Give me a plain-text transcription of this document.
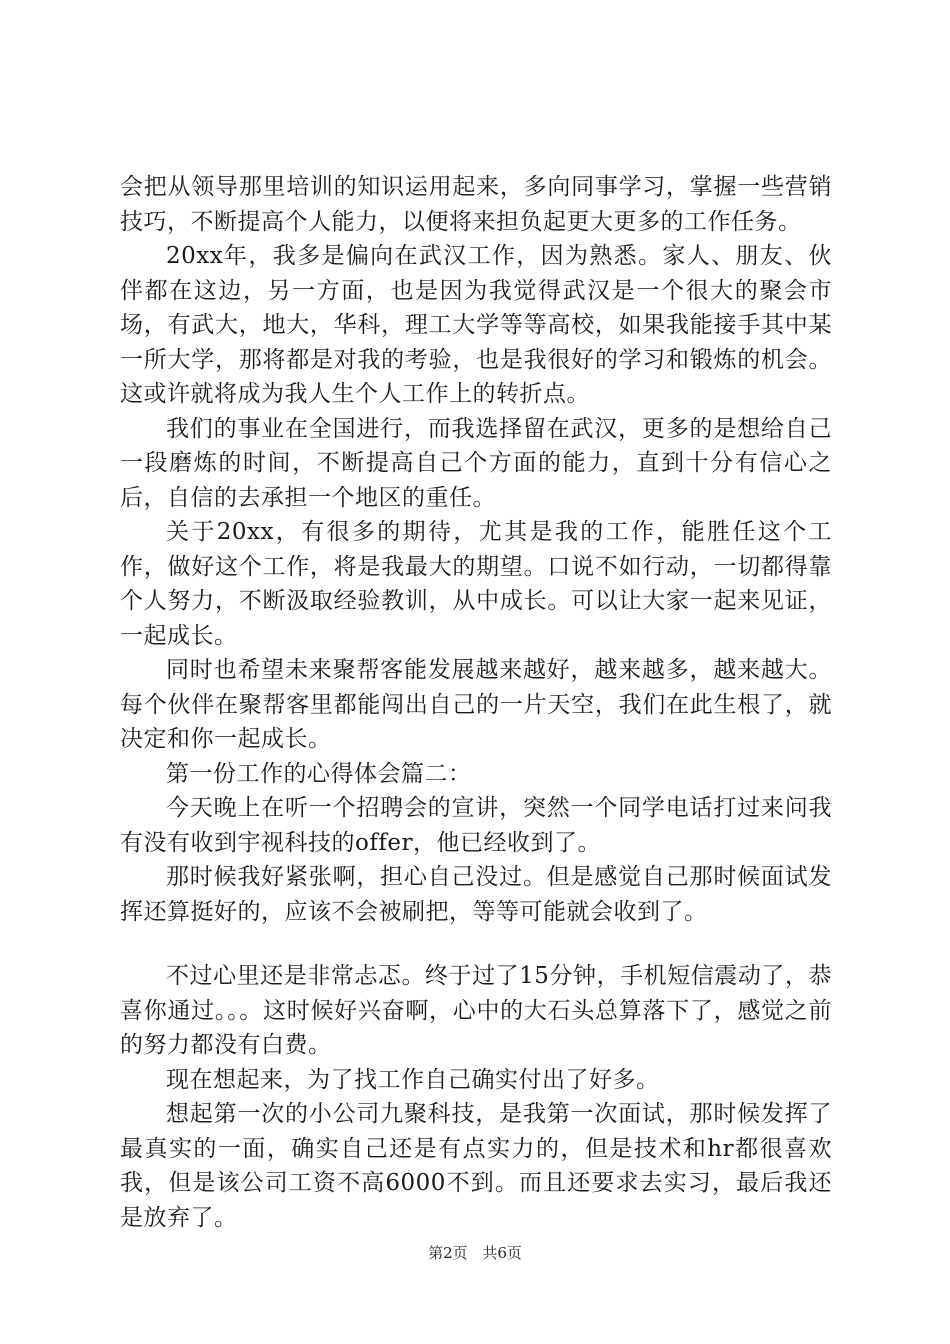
会把从领导那里培训的知识运用起来，多向同事学习，掌握一些营销技巧，不断提高个人能力，以便将来担负起更大更多的工作任务。

20xx年，我多是偏向在武汉工作，因为熟悉。家人、朋友、伙伴都在这边，另一方面，也是因为我觉得武汉是一个很大的聚会市场，有武大，地大，华科，理工大学等等高校，如果我能接手其中某一所大学，那将都是对我的考验，也是我很好的学习和锻炼的机会。这或许就将成为我人生个人工作上的转折点。

我们的事业在全国进行，而我选择留在武汉，更多的是想给自己一段磨炼的时间，不断提高自己个方面的能力，直到十分有信心之后，自信的去承担一个地区的重任。

关于20xx，有很多的期待，尤其是我的工作，能胜任这个工作，做好这个工作，将是我最大的期望。口说不如行动，一切都得靠个人努力，不断汲取经验教训，从中成长。可以让大家一起来见证，一起成长。

同时也希望未来聚帮客能发展越来越好，越来越多，越来越大。每个伙伴在聚帮客里都能闯出自己的一片天空，我们在此生根了，就决定和你一起成长。

第一份工作的心得体会篇二：

今天晚上在听一个招聘会的宣讲，突然一个同学电话打过来问我有没有收到宇视科技的offer，他已经收到了。

那时候我好紧张啊，担心自己没过。但是感觉自己那时候面试发挥还算挺好的，应该不会被刷把，等等可能就会收到了。

不过心里还是非常忐忑。终于过了15分钟，手机短信震动了，恭喜你通过。。。这时候好兴奋啊，心中的大石头总算落下了，感觉之前的努力都没有白费。

现在想起来，为了找工作自己确实付出了好多。

想起第一次的小公司九聚科技，是我第一次面试，那时候发挥了最真实的一面，确实自己还是有点实力的，但是技术和hr都很喜欢我，但是该公司工资不高6000不到。而且还要求去实习，最后我还是放弃了。

第2页 共6页
